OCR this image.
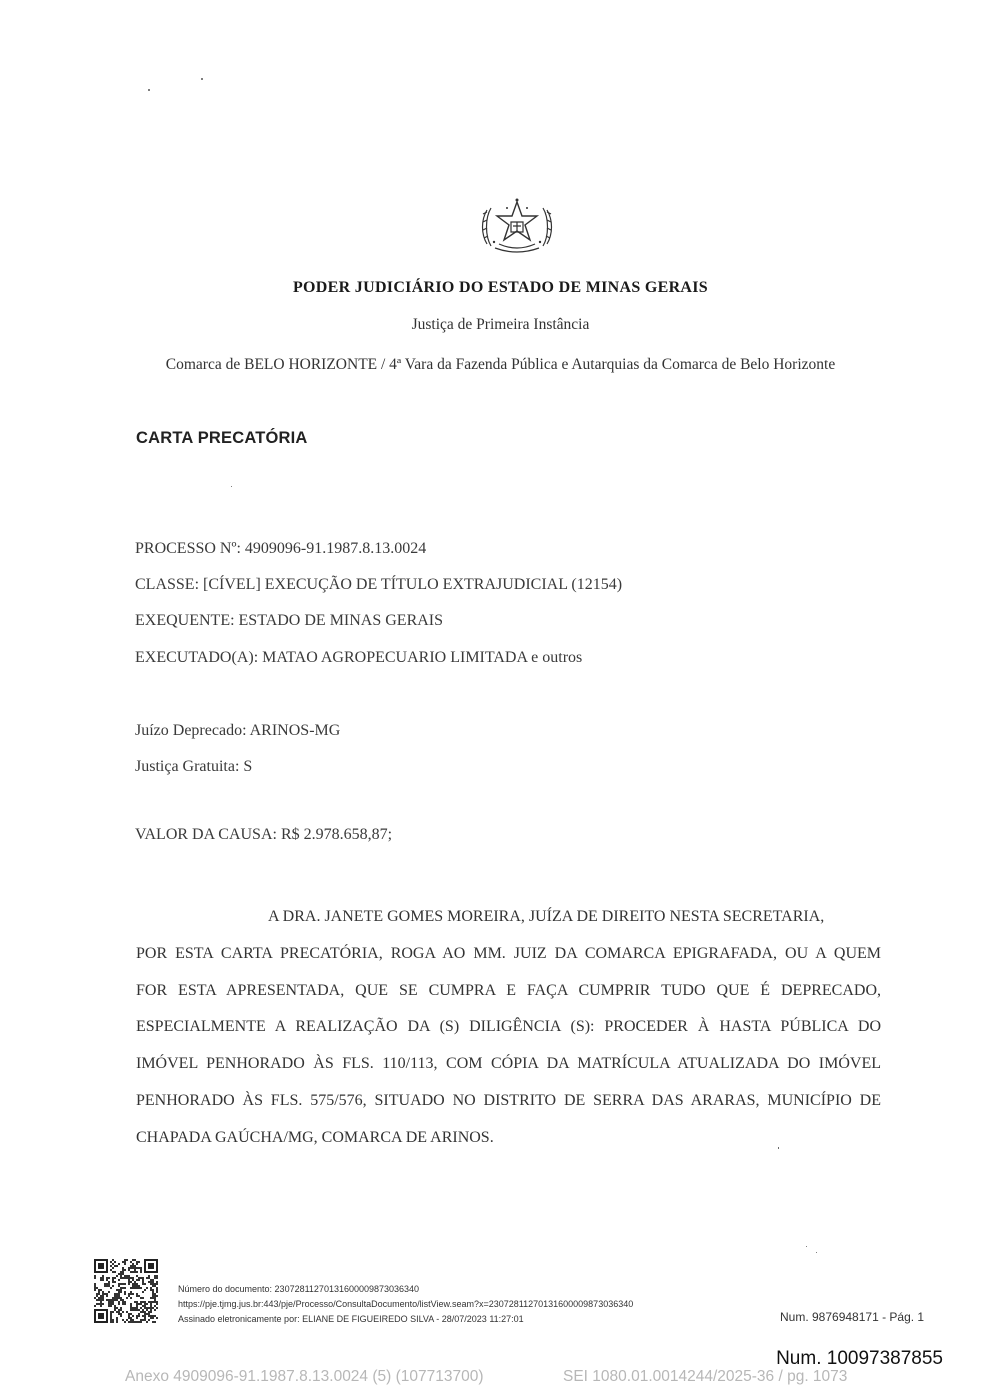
PODER JUDICIÁRIO DO ESTADO DE MINAS GERAIS
Justiça de Primeira Instância
Comarca de BELO HORIZONTE / 4ª Vara da Fazenda Pública e Autarquias da Comarca de Belo Horizonte
CARTA PRECATÓRIA
PROCESSO Nº: 4909096-91.1987.8.13.0024
CLASSE: [CÍVEL] EXECUÇÃO DE TÍTULO EXTRAJUDICIAL (12154)
EXEQUENTE: ESTADO DE MINAS GERAIS
EXECUTADO(A): MATAO AGROPECUARIO LIMITADA e outros
Juízo Deprecado: ARINOS-MG
Justiça Gratuita: S
VALOR DA CAUSA: R$ 2.978.658,87;
A DRA. JANETE GOMES MOREIRA, JUÍZA DE DIREITO NESTA SECRETARIA,
POR ESTA CARTA PRECATÓRIA, ROGA AO MM. JUIZ DA COMARCA EPIGRAFADA, OU A QUEM
FOR ESTA APRESENTADA, QUE SE CUMPRA E FAÇA CUMPRIR TUDO QUE É DEPRECADO,
ESPECIALMENTE A REALIZAÇÃO DA (S) DILIGÊNCIA (S): PROCEDER À HASTA PÚBLICA DO
IMÓVEL PENHORADO ÀS FLS. 110/113, COM CÓPIA DA MATRÍCULA ATUALIZADA DO IMÓVEL
PENHORADO ÀS FLS. 575/576, SITUADO NO DISTRITO DE SERRA DAS ARARAS, MUNICÍPIO DE
CHAPADA GAÚCHA/MG, COMARCA DE ARINOS.
Número do documento: 23072811270131600009873036340
https://pje.tjmg.jus.br:443/pje/Processo/ConsultaDocumento/listView.seam?x=23072811270131600009873036340
Assinado eletronicamente por: ELIANE DE FIGUEIREDO SILVA - 28/07/2023 11:27:01	Num. 9876948171 - Pág. 1
Num. 10097387855
Anexo 4909096-91.1987.8.13.0024 (5) (107713700)	SEI 1080.01.0014244/2025-36 / pg. 1073
